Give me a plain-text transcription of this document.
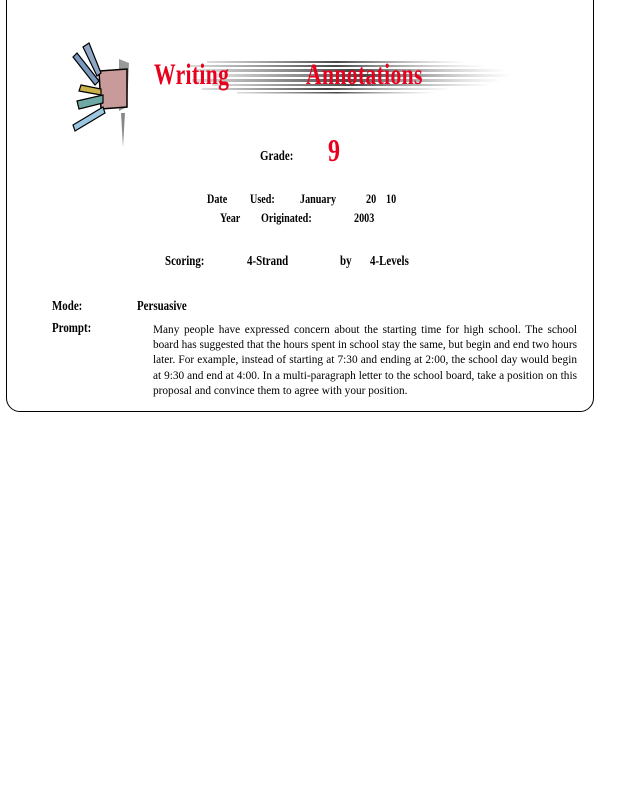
Writing	Annotations
Grade: 9
Date Used: January 20 10
Year Originated:	2003
Scoring:	4-Strand	by 4-Levels
Mode:	Persuasive
Prompt:	Many people have expressed concern about the starting time for high school. The school board has suggested that the hours spent in school stay the same, but begin and end two hours later. For example, instead of starting at 7:30 and ending at 2:00, the school day would begin at 9:30 and end at 4:00. In a multi-paragraph letter to the school board, take a position on this proposal and convince them to agree with your position.
